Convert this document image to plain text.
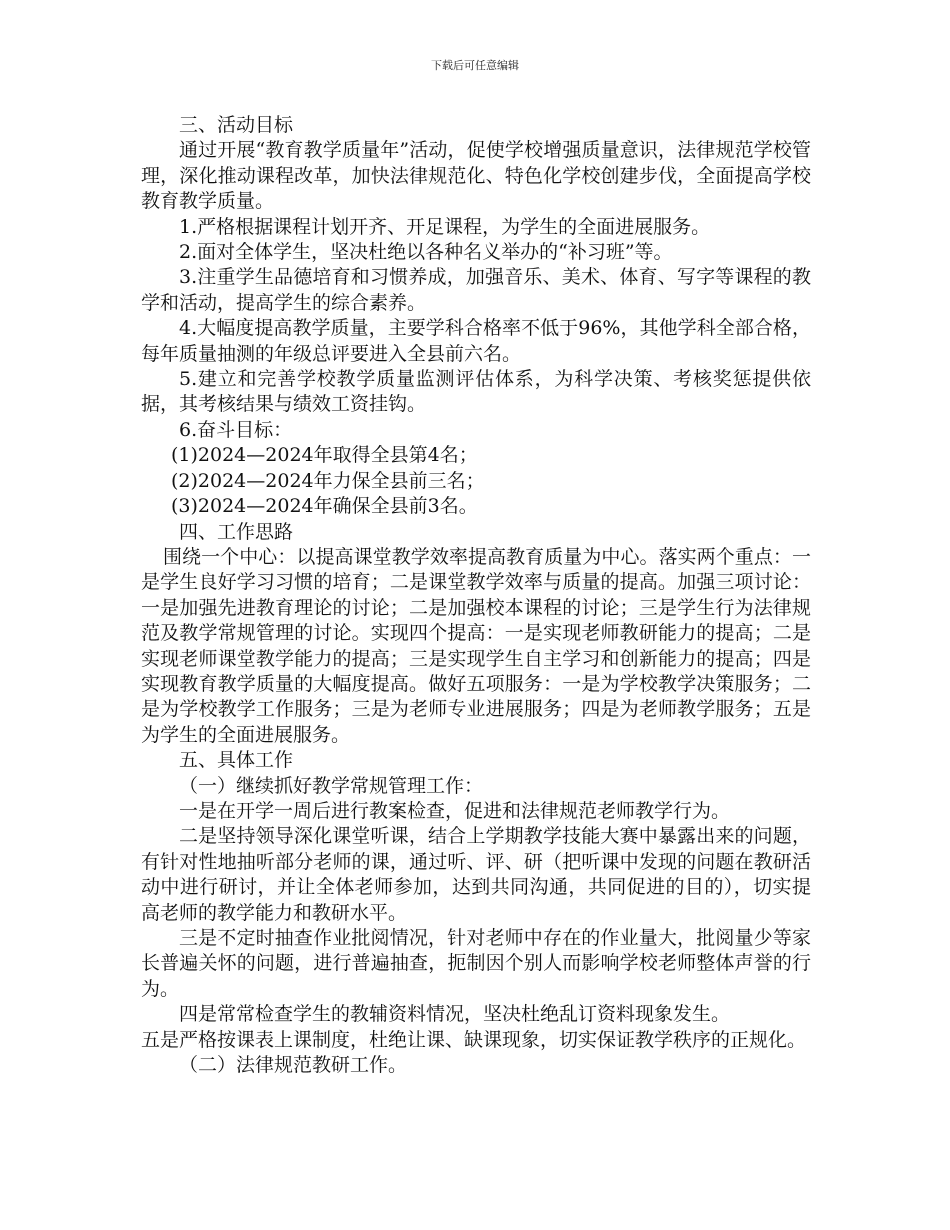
下载后可任意编辑

三、活动目标

通过开展“教育教学质量年”活动，促使学校增强质量意识，法律规范学校管理，深化推动课程改革，加快法律规范化、特色化学校创建步伐，全面提高学校教育教学质量。

1.严格根据课程计划开齐、开足课程，为学生的全面进展服务。

2.面对全体学生，坚决杜绝以各种名义举办的“补习班”等。

3.注重学生品德培育和习惯养成，加强音乐、美术、体育、写字等课程的教学和活动，提高学生的综合素养。

4.大幅度提高教学质量，主要学科合格率不低于96%，其他学科全部合格，每年质量抽测的年级总评要进入全县前六名。

5.建立和完善学校教学质量监测评估体系，为科学决策、考核奖惩提供依据，其考核结果与绩效工资挂钩。

6.奋斗目标：

(1)2024—2024年取得全县第4名；

(2)2024—2024年力保全县前三名；

(3)2024—2024年确保全县前3名。

四、工作思路

围绕一个中心：以提高课堂教学效率提高教育质量为中心。落实两个重点：一是学生良好学习习惯的培育；二是课堂教学效率与质量的提高。加强三项讨论：一是加强先进教育理论的讨论；二是加强校本课程的讨论；三是学生行为法律规范及教学常规管理的讨论。实现四个提高：一是实现老师教研能力的提高；二是实现老师课堂教学能力的提高；三是实现学生自主学习和创新能力的提高；四是实现教育教学质量的大幅度提高。做好五项服务：一是为学校教学决策服务；二是为学校教学工作服务；三是为老师专业进展服务；四是为老师教学服务；五是为学生的全面进展服务。

五、具体工作

（一）继续抓好教学常规管理工作：

一是在开学一周后进行教案检查，促进和法律规范老师教学行为。

二是坚持领导深化课堂听课，结合上学期教学技能大赛中暴露出来的问题，有针对性地抽听部分老师的课，通过听、评、研（把听课中发现的问题在教研活动中进行研讨，并让全体老师参加，达到共同沟通，共同促进的目的），切实提高老师的教学能力和教研水平。

三是不定时抽查作业批阅情况，针对老师中存在的作业量大，批阅量少等家长普遍关怀的问题，进行普遍抽查，扼制因个别人而影响学校老师整体声誉的行为。

四是常常检查学生的教辅资料情况，坚决杜绝乱订资料现象发生。

五是严格按课表上课制度，杜绝让课、缺课现象，切实保证教学秩序的正规化。

（二）法律规范教研工作。
